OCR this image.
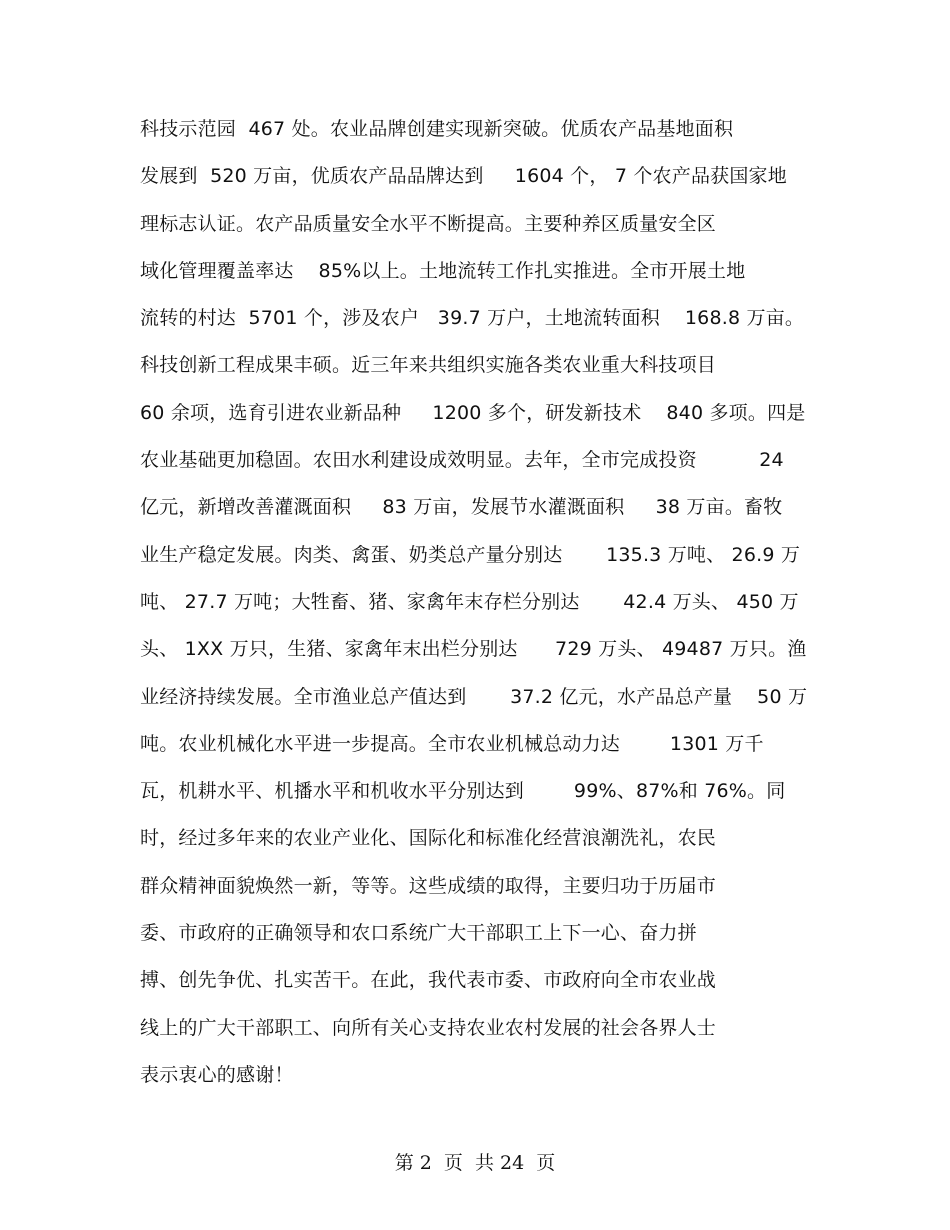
科技示范园  467 处。农业品牌创建实现新突破。优质农产品基地面积
发展到  520 万亩，优质农产品品牌达到     1604 个， 7 个农产品获国家地
理标志认证。农产品质量安全水平不断提高。主要种养区质量安全区
域化管理覆盖率达    85%以上。土地流转工作扎实推进。全市开展土地
流转的村达  5701 个，涉及农户   39.7 万户，土地流转面积    168.8 万亩。
科技创新工程成果丰硕。近三年来共组织实施各类农业重大科技项目
60 余项，选育引进农业新品种     1200 多个，研发新技术    840 多项。四是
农业基础更加稳固。农田水利建设成效明显。去年，全市完成投资          24
亿元，新增改善灌溉面积     83 万亩，发展节水灌溉面积     38 万亩。畜牧
业生产稳定发展。肉类、禽蛋、奶类总产量分别达       135.3 万吨、 26.9 万
吨、 27.7 万吨；大牲畜、猪、家禽年末存栏分别达       42.4 万头、 450 万
头、 1XX 万只，生猪、家禽年末出栏分别达      729 万头、 49487 万只。渔
业经济持续发展。全市渔业总产值达到       37.2 亿元，水产品总产量    50 万
吨。农业机械化水平进一步提高。全市农业机械总动力达        1301 万千
瓦，机耕水平、机播水平和机收水平分别达到        99%、87%和 76%。同
时，经过多年来的农业产业化、国际化和标准化经营浪潮洗礼，农民
群众精神面貌焕然一新，等等。这些成绩的取得，主要归功于历届市
委、市政府的正确领导和农口系统广大干部职工上下一心、奋力拼
搏、创先争优、扎实苦干。在此，我代表市委、市政府向全市农业战
线上的广大干部职工、向所有关心支持农业农村发展的社会各界人士
表示衷心的感谢！
第 2  页  共 24  页
